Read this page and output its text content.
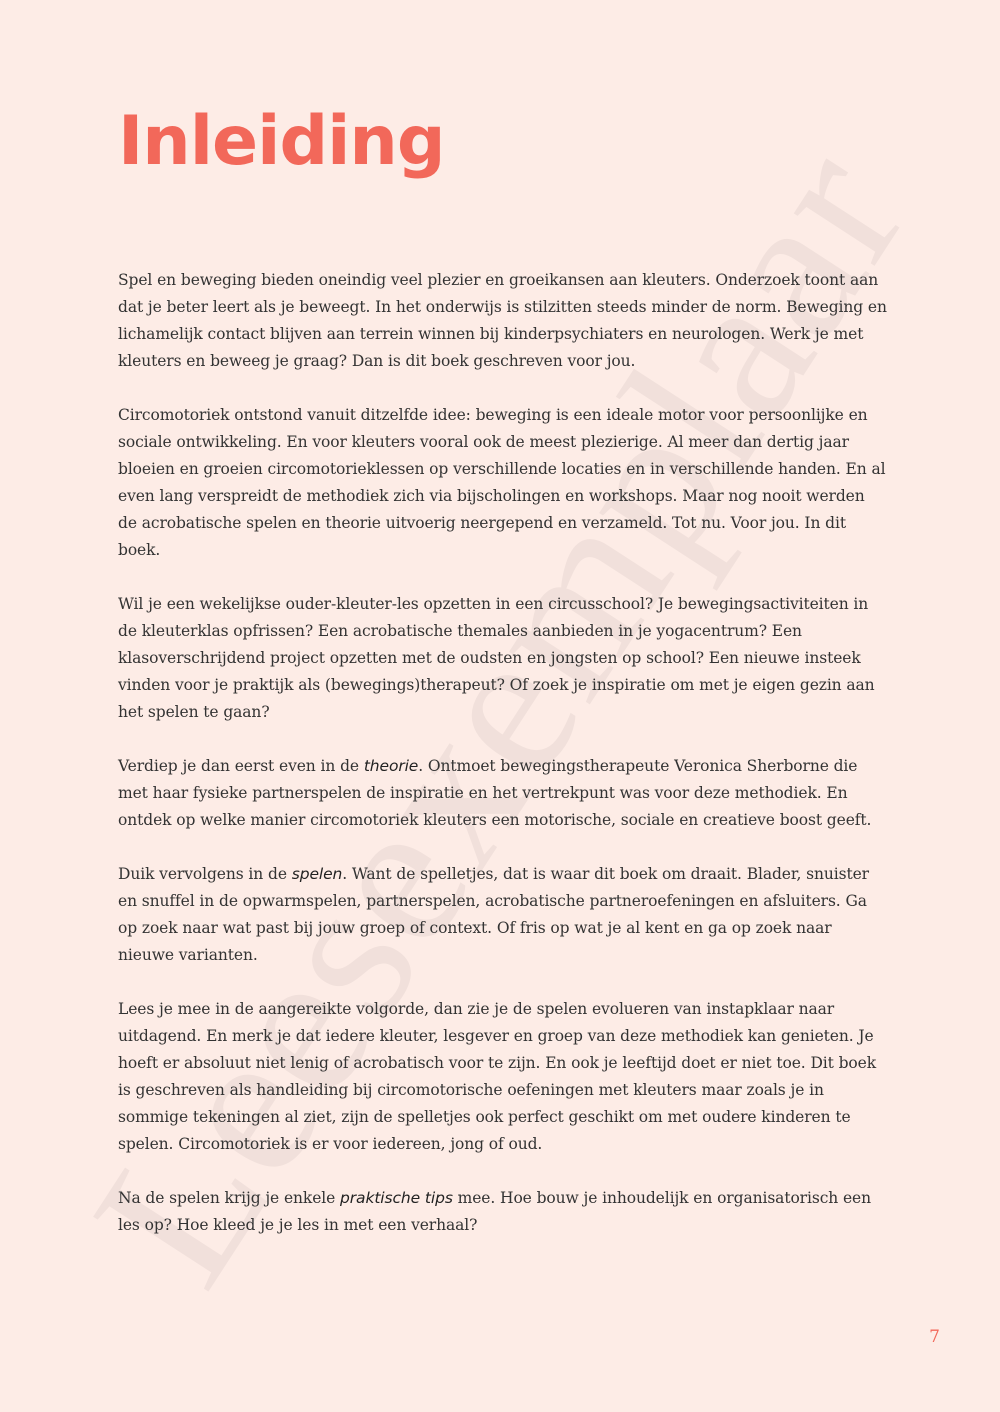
Inleiding

Spel en beweging bieden oneindig veel plezier en groeikansen aan kleuters. Onderzoek toont aan dat je beter leert als je beweegt. In het onderwijs is stilzitten steeds minder de norm. Beweging en lichamelijk contact blijven aan terrein winnen bij kinderpsychiaters en neurologen. Werk je met kleuters en beweeg je graag? Dan is dit boek geschreven voor jou.

Circomotoriek ontstond vanuit ditzelfde idee: beweging is een ideale motor voor persoonlijke en sociale ontwikkeling. En voor kleuters vooral ook de meest plezierige. Al meer dan dertig jaar bloeien en groeien circomotorieklessen op verschillende locaties en in verschillende handen. En al even lang verspreidt de methodiek zich via bijscholingen en workshops. Maar nog nooit werden de acrobatische spelen en theorie uitvoerig neergepend en verzameld. Tot nu. Voor jou. In dit boek.

Wil je een wekelijkse ouder-kleuter-les opzetten in een circusschool? Je bewegingsactiviteiten in de kleuterklas opfrissen? Een acrobatische themales aanbieden in je yogacentrum? Een klasoverschrijdend project opzetten met de oudsten en jongsten op school? Een nieuwe insteek vinden voor je praktijk als (bewegings)therapeut? Of zoek je inspiratie om met je eigen gezin aan het spelen te gaan?

Verdiep je dan eerst even in de theorie. Ontmoet bewegingstherapeute Veronica Sherborne die met haar fysieke partnerspelen de inspiratie en het vertrekpunt was voor deze methodiek. En ontdek op welke manier circomotoriek kleuters een motorische, sociale en creatieve boost geeft.

Duik vervolgens in de spelen. Want de spelletjes, dat is waar dit boek om draait. Blader, snuister en snuffel in de opwarmspelen, partnerspelen, acrobatische partneroefeningen en afsluiters. Ga op zoek naar wat past bij jouw groep of context. Of fris op wat je al kent en ga op zoek naar nieuwe varianten.

Lees je mee in de aangereikte volgorde, dan zie je de spelen evolueren van instapklaar naar uitdagend. En merk je dat iedere kleuter, lesgever en groep van deze methodiek kan genieten. Je hoeft er absoluut niet lenig of acrobatisch voor te zijn. En ook je leeftijd doet er niet toe. Dit boek is geschreven als handleiding bij circomotorische oefeningen met kleuters maar zoals je in sommige tekeningen al ziet, zijn de spelletjes ook perfect geschikt om met oudere kinderen te spelen. Circomotoriek is er voor iedereen, jong of oud.

Na de spelen krijg je enkele praktische tips mee. Hoe bouw je inhoudelijk en organisatorisch een les op? Hoe kleed je je les in met een verhaal?

7
